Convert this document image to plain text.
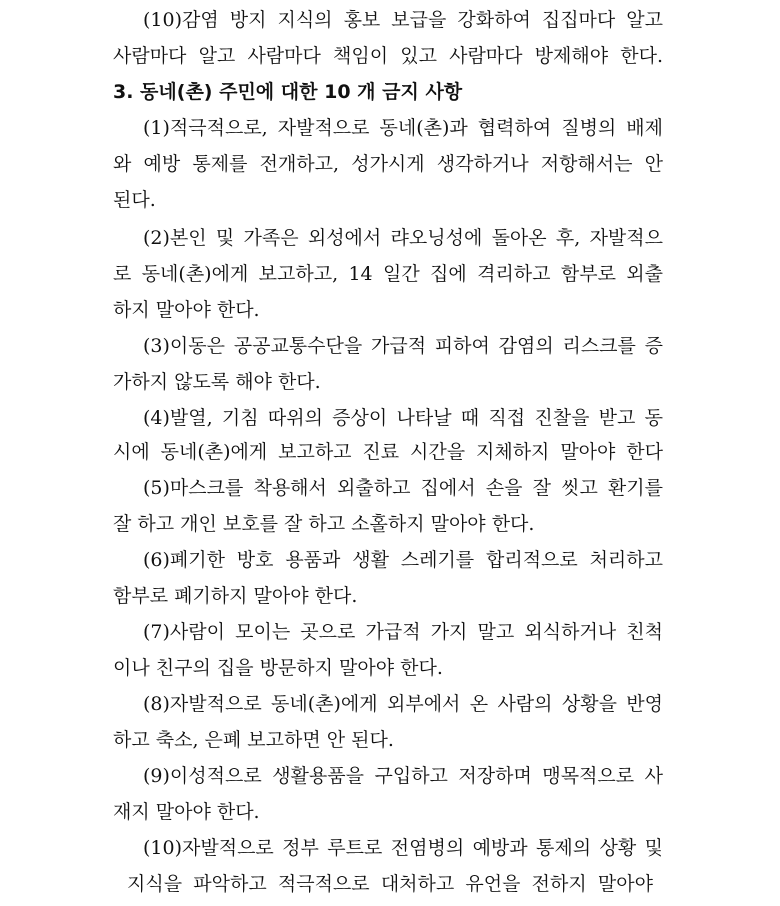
(10)감염 방지 지식의 홍보 보급을 강화하여 집집마다 알고
사람마다 알고 사람마다 책임이 있고 사람마다 방제해야 한다.
3. 동네(촌) 주민에 대한 10 개 금지 사항
(1)적극적으로, 자발적으로 동네(촌)과 협력하여 질병의 배제
와 예방 통제를 전개하고, 성가시게 생각하거나 저항해서는 안
된다.
(2)본인 및 가족은 외성에서 랴오닝성에 돌아온 후, 자발적으
로 동네(촌)에게 보고하고, 14 일간 집에 격리하고 함부로 외출
하지 말아야 한다.
(3)이동은 공공교통수단을 가급적 피하여 감염의 리스크를 증
가하지 않도록 해야 한다.
(4)발열, 기침 따위의 증상이 나타날 때 직접 진찰을 받고 동
시에 동네(촌)에게 보고하고 진료 시간을 지체하지 말아야 한다
(5)마스크를 착용해서 외출하고 집에서 손을 잘 씻고 환기를
잘 하고 개인 보호를 잘 하고 소홀하지 말아야 한다.
(6)폐기한 방호 용품과 생활 스레기를 합리적으로 처리하고
함부로 폐기하지 말아야 한다.
(7)사람이 모이는 곳으로 가급적 가지 말고 외식하거나 친척
이나 친구의 집을 방문하지 말아야 한다.
(8)자발적으로 동네(촌)에게 외부에서 온 사람의 상황을 반영
하고 축소, 은폐 보고하면 안 된다.
(9)이성적으로 생활용품을 구입하고 저장하며 맹목적으로 사
재지 말아야 한다.
(10)자발적으로 정부 루트로 전염병의 예방과 통제의 상황 및
지식을 파악하고 적극적으로 대처하고 유언을 전하지 말아야
